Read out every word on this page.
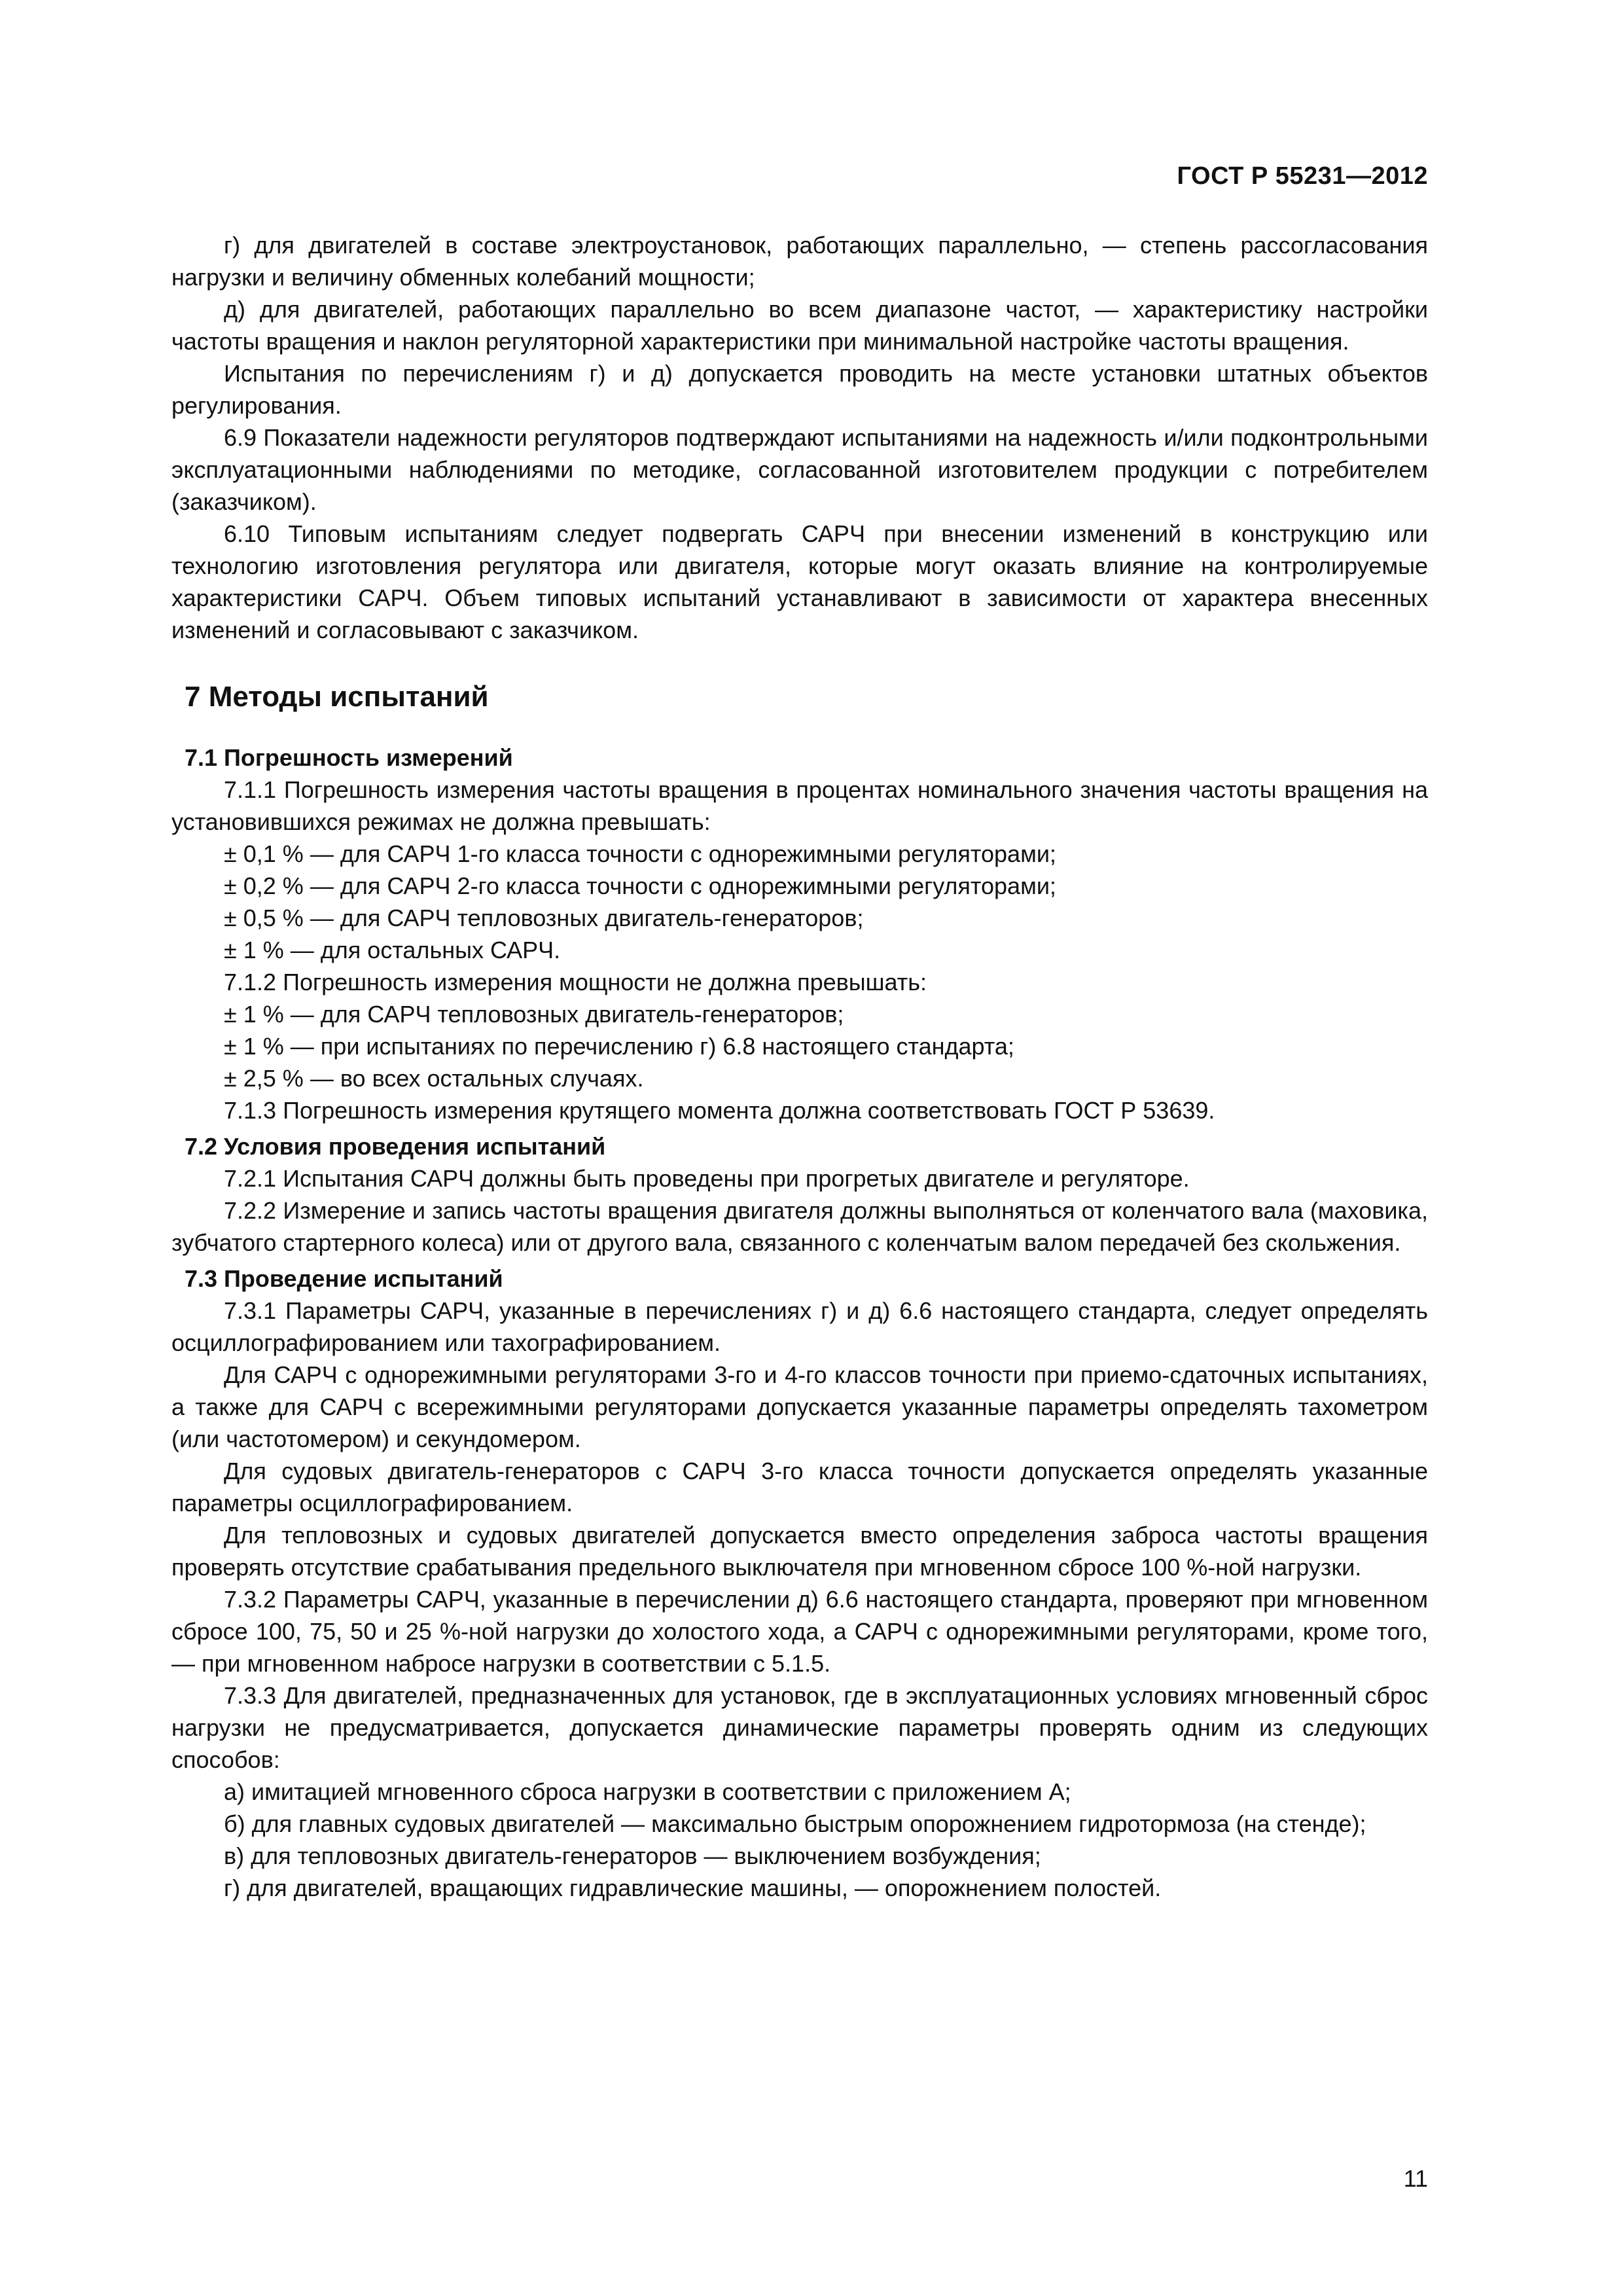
ГОСТ Р 55231—2012

г) для двигателей в составе электроустановок, работающих параллельно, — степень рассогласования нагрузки и величину обменных колебаний мощности;

д) для двигателей, работающих параллельно во всем диапазоне частот, — характеристику настройки частоты вращения и наклон регуляторной характеристики при минимальной настройке частоты вращения.

Испытания по перечислениям г) и д) допускается проводить на месте установки штатных объектов регулирования.

6.9 Показатели надежности регуляторов подтверждают испытаниями на надежность и/или подконтрольными эксплуатационными наблюдениями по методике, согласованной изготовителем продукции с потребителем (заказчиком).

6.10 Типовым испытаниям следует подвергать САРЧ при внесении изменений в конструкцию или технологию изготовления регулятора или двигателя, которые могут оказать влияние на контролируемые характеристики САРЧ. Объем типовых испытаний устанавливают в зависимости от характера внесенных изменений и согласовывают с заказчиком.

7 Методы испытаний
7.1 Погрешность измерений

7.1.1 Погрешность измерения частоты вращения в процентах номинального значения частоты вращения на установившихся режимах не должна превышать:

± 0,1 % — для САРЧ 1-го класса точности с однорежимными регуляторами;

± 0,2 % — для САРЧ 2-го класса точности с однорежимными регуляторами;

± 0,5 % — для САРЧ тепловозных двигатель-генераторов;

± 1 % — для остальных САРЧ.

7.1.2 Погрешность измерения мощности не должна превышать:

± 1 % — для САРЧ тепловозных двигатель-генераторов;

± 1 % — при испытаниях по перечислению г) 6.8 настоящего стандарта;

± 2,5 % — во всех остальных случаях.

7.1.3 Погрешность измерения крутящего момента должна соответствовать ГОСТ Р 53639.

7.2 Условия проведения испытаний

7.2.1 Испытания САРЧ должны быть проведены при прогретых двигателе и регуляторе.

7.2.2 Измерение и запись частоты вращения двигателя должны выполняться от коленчатого вала (маховика, зубчатого стартерного колеса) или от другого вала, связанного с коленчатым валом передачей без скольжения.

7.3 Проведение испытаний

7.3.1 Параметры САРЧ, указанные в перечислениях г) и д) 6.6 настоящего стандарта, следует определять осциллографированием или тахографированием.

Для САРЧ с однорежимными регуляторами 3-го и 4-го классов точности при приемо-сдаточных испытаниях, а также для САРЧ с всережимными регуляторами допускается указанные параметры определять тахометром (или частотомером) и секундомером.

Для судовых двигатель-генераторов с САРЧ 3-го класса точности допускается определять указанные параметры осциллографированием.

Для тепловозных и судовых двигателей допускается вместо определения заброса частоты вращения проверять отсутствие срабатывания предельного выключателя при мгновенном сбросе 100 %-ной нагрузки.

7.3.2 Параметры САРЧ, указанные в перечислении д) 6.6 настоящего стандарта, проверяют при мгновенном сбросе 100, 75, 50 и 25 %-ной нагрузки до холостого хода, а САРЧ с однорежимными регуляторами, кроме того, — при мгновенном набросе нагрузки в соответствии с 5.1.5.

7.3.3 Для двигателей, предназначенных для установок, где в эксплуатационных условиях мгновенный сброс нагрузки не предусматривается, допускается динамические параметры проверять одним из следующих способов:

а) имитацией мгновенного сброса нагрузки в соответствии с приложением А;

б) для главных судовых двигателей — максимально быстрым опорожнением гидротормоза (на стенде);

в) для тепловозных двигатель-генераторов — выключением возбуждения;

г) для двигателей, вращающих гидравлические машины, — опорожнением полостей.

11
